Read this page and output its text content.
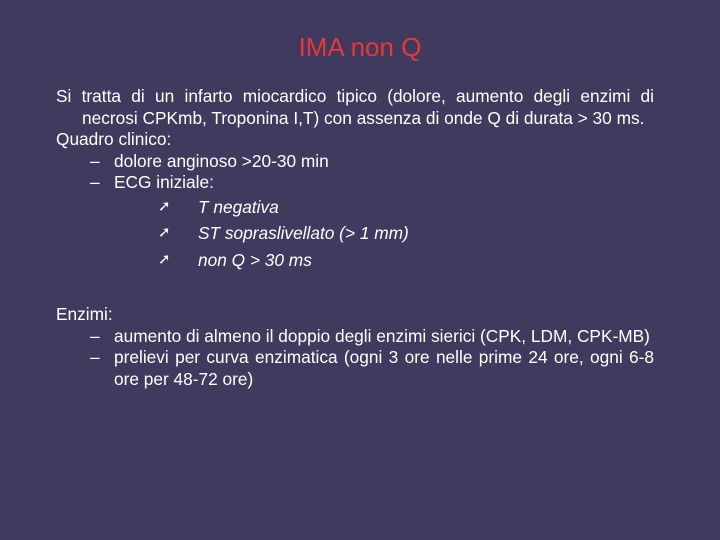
IMA non Q
Si tratta di un infarto miocardico tipico (dolore, aumento degli enzimi di necrosi CPKmb, Troponina I,T) con assenza di onde Q di durata > 30 ms.
Quadro clinico:
– dolore anginoso >20-30 min
– ECG iniziale:
➚ T negativa
➚ ST sopraslivellato (> 1 mm)
➚ non Q > 30 ms
Enzimi:
– aumento di almeno il doppio degli enzimi sierici (CPK, LDM, CPK-MB)
– prelievi per curva enzimatica (ogni 3 ore nelle prime 24 ore, ogni 6-8 ore per 48-72 ore)
